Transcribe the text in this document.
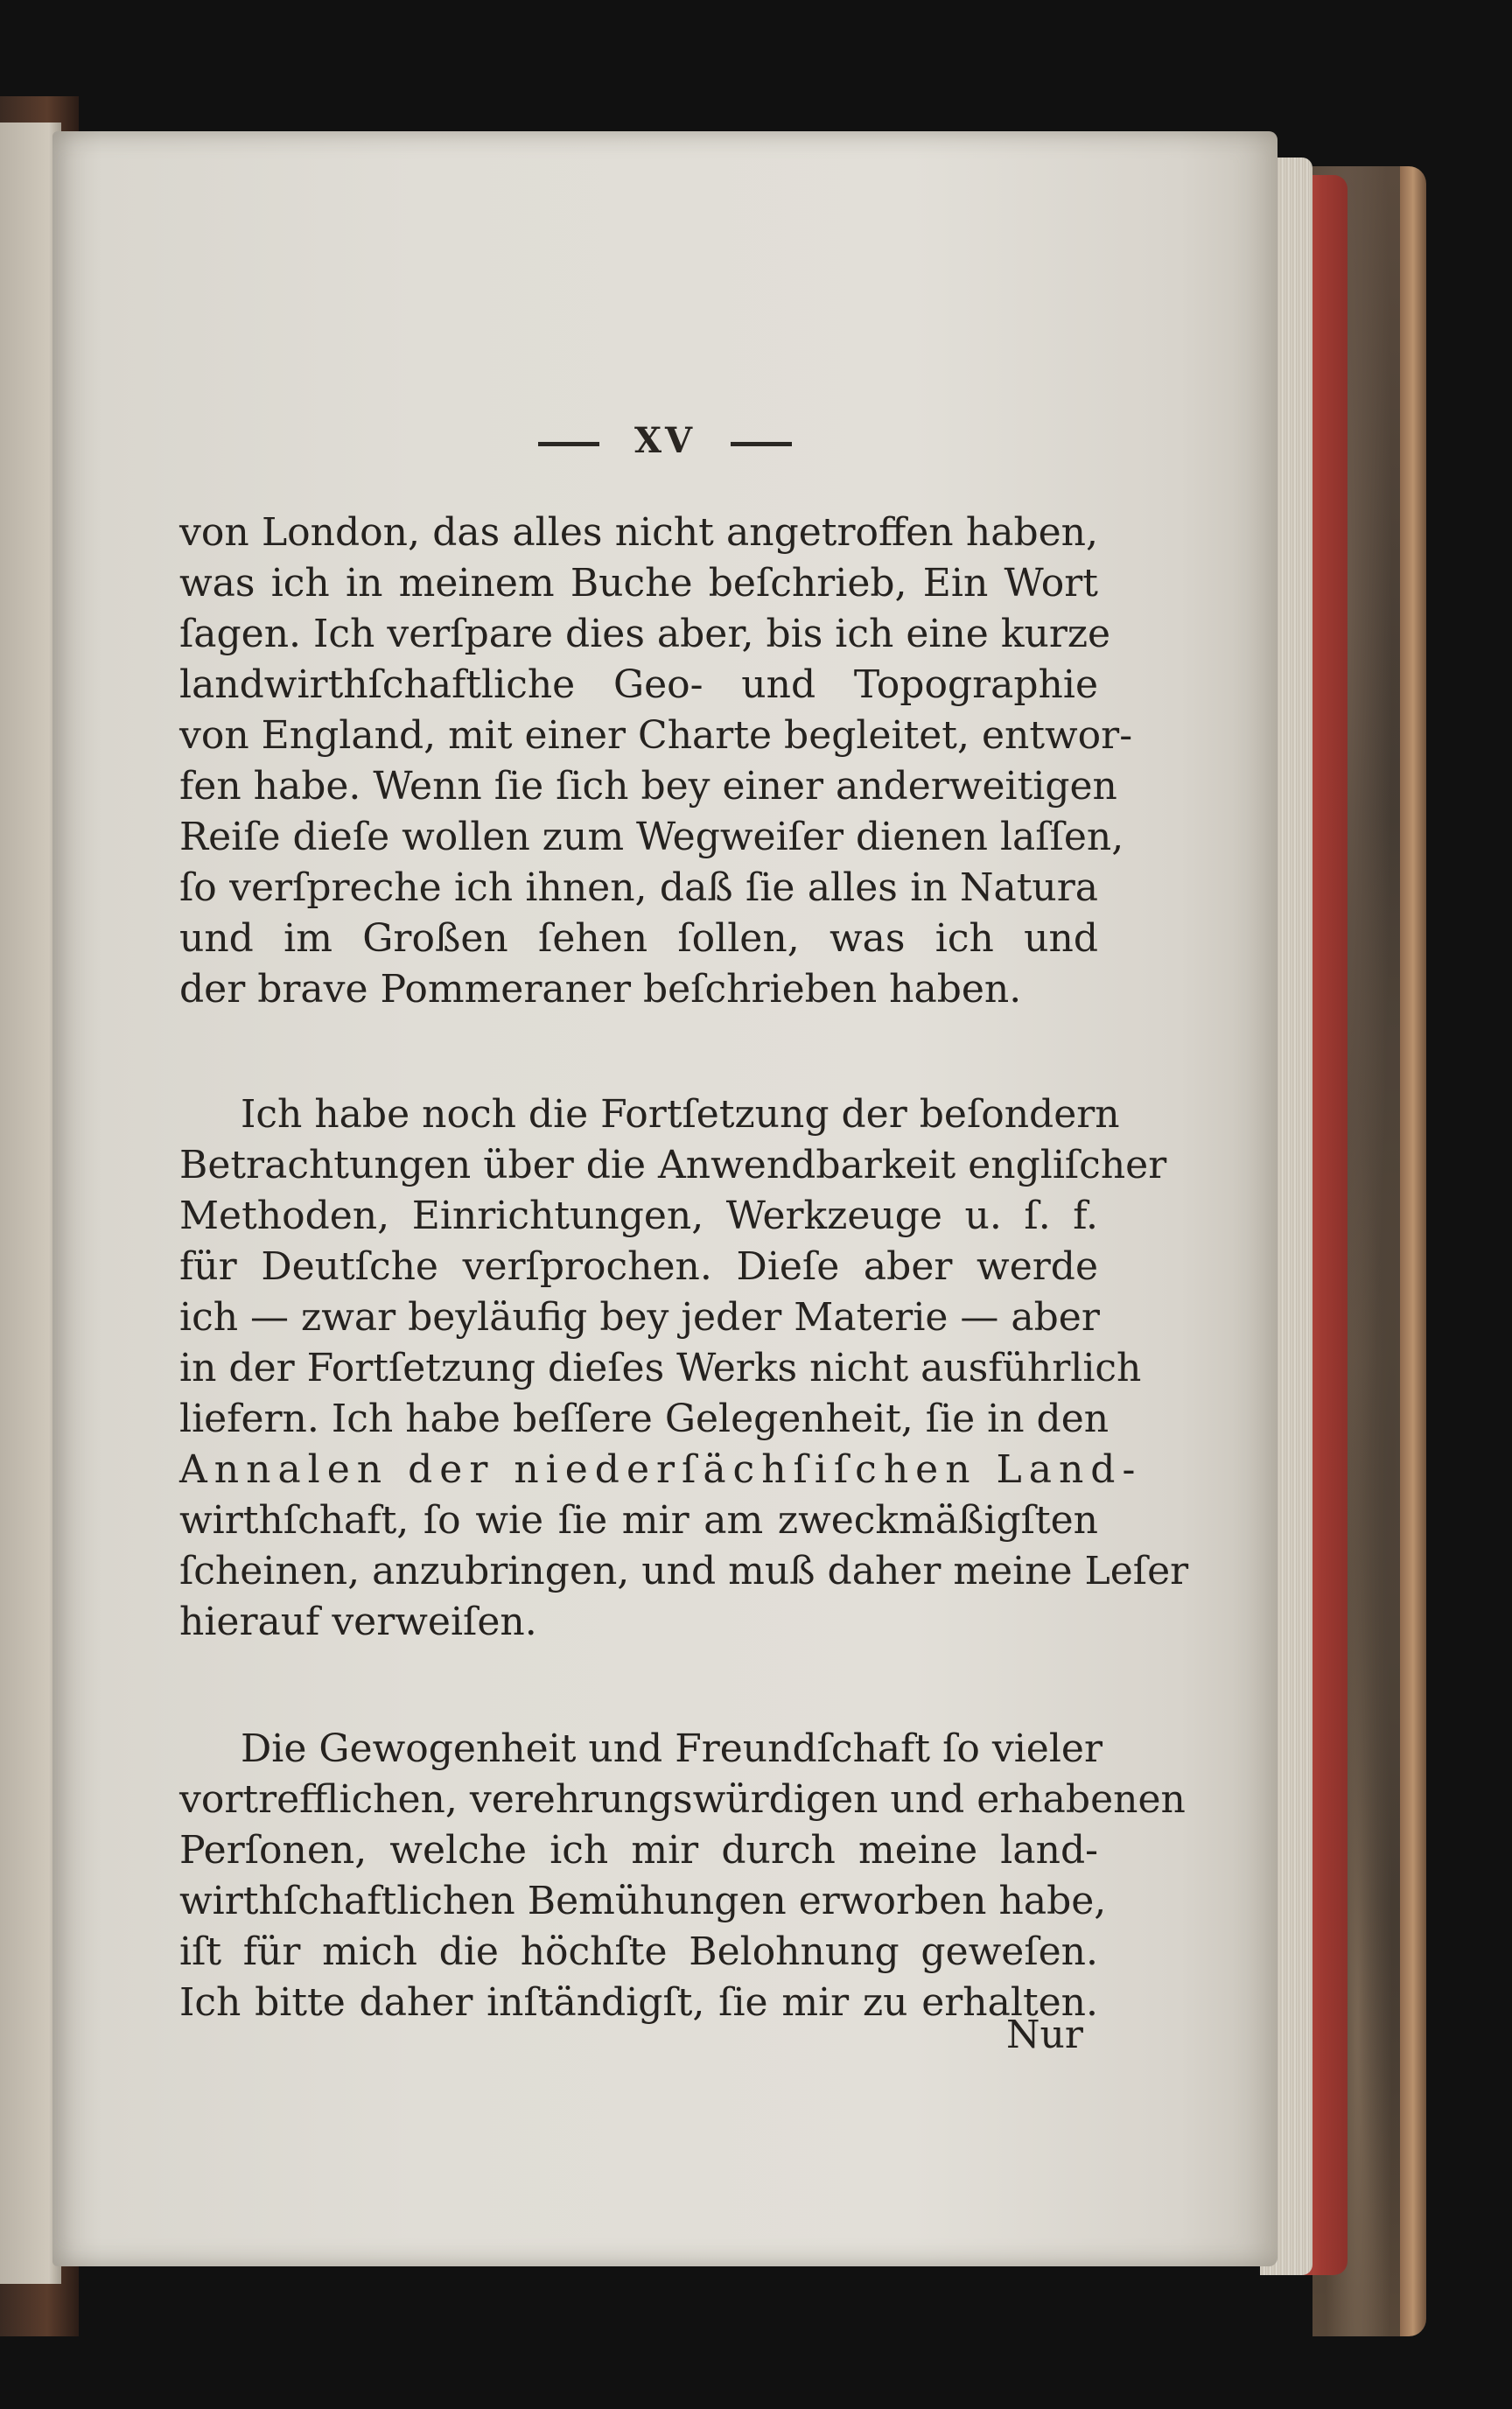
XV
von London, das alles nicht angetroffen haben,
was ich in meinem Buche beſchrieb, Ein Wort
ſagen. Ich verſpare dies aber, bis ich eine kurze
landwirthſchaftliche Geo- und Topographie
von England, mit einer Charte begleitet, entwor-
fen habe. Wenn ſie ſich bey einer anderweitigen
Reiſe dieſe wollen zum Wegweiſer dienen laſſen,
ſo verſpreche ich ihnen, daß ſie alles in Natura
und im Großen ſehen ſollen, was ich und
der brave Pommeraner beſchrieben haben.
Ich habe noch die Fortſetzung der beſondern
Betrachtungen über die Anwendbarkeit engliſcher
Methoden, Einrichtungen, Werkzeuge u. ſ. f.
für Deutſche verſprochen. Dieſe aber werde
ich — zwar beyläufig bey jeder Materie — aber
in der Fortſetzung dieſes Werks nicht ausführlich
liefern. Ich habe beſſere Gelegenheit, ſie in den
Annalen der niederſächſiſchen Land-
wirthſchaft, ſo wie ſie mir am zweckmäßigſten
ſcheinen, anzubringen, und muß daher meine Leſer
hierauf verweiſen.
Die Gewogenheit und Freundſchaft ſo vieler
vortrefflichen, verehrungswürdigen und erhabenen
Perſonen, welche ich mir durch meine land-
wirthſchaftlichen Bemühungen erworben habe,
iſt für mich die höchſte Belohnung geweſen.
Ich bitte daher inſtändigſt, ſie mir zu erhalten.
Nur
